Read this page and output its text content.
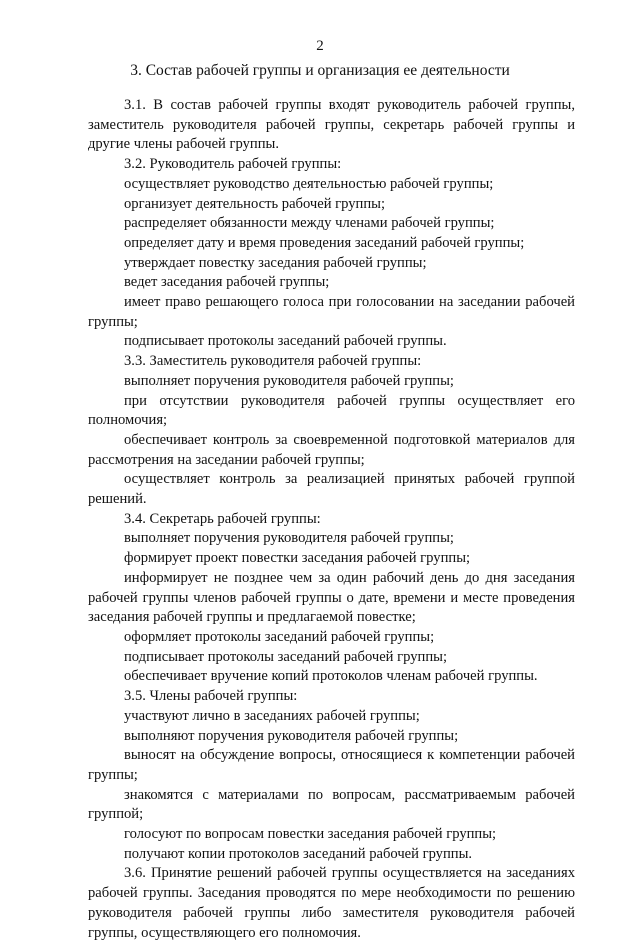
2
3. Состав рабочей группы и организация ее деятельности

3.1. В состав рабочей группы входят руководитель рабочей группы, заместитель руководителя рабочей группы, секретарь рабочей группы и другие члены рабочей группы.

3.2. Руководитель рабочей группы:

осуществляет руководство деятельностью рабочей группы;

организует деятельность рабочей группы;

распределяет обязанности между членами рабочей группы;

определяет дату и время проведения заседаний рабочей группы;

утверждает повестку заседания рабочей группы;

ведет заседания рабочей группы;

имеет право решающего голоса при голосовании на заседании рабочей группы;

подписывает протоколы заседаний рабочей группы.

3.3. Заместитель руководителя рабочей группы:

выполняет поручения руководителя рабочей группы;

при отсутствии руководителя рабочей группы осуществляет его полномочия;

обеспечивает контроль за своевременной подготовкой материалов для рассмотрения на заседании рабочей группы;

осуществляет контроль за реализацией принятых рабочей группой решений.

3.4. Секретарь рабочей группы:

выполняет поручения руководителя рабочей группы;

формирует проект повестки заседания рабочей группы;

информирует не позднее чем за один рабочий день до дня заседания рабочей группы членов рабочей группы о дате, времени и месте проведения заседания рабочей группы и предлагаемой повестке;

оформляет протоколы заседаний рабочей группы;

подписывает протоколы заседаний рабочей группы;

обеспечивает вручение копий протоколов членам рабочей группы.

3.5. Члены рабочей группы:

участвуют лично в заседаниях рабочей группы;

выполняют поручения руководителя рабочей группы;

выносят на обсуждение вопросы, относящиеся к компетенции рабочей группы;

знакомятся с материалами по вопросам, рассматриваемым рабочей группой;

голосуют по вопросам повестки заседания рабочей группы;

получают копии протоколов заседаний рабочей группы.

3.6. Принятие решений рабочей группы осуществляется на заседаниях рабочей группы. Заседания проводятся по мере необходимости по решению руководителя рабочей группы либо заместителя руководителя рабочей группы, осуществляющего его полномочия.
